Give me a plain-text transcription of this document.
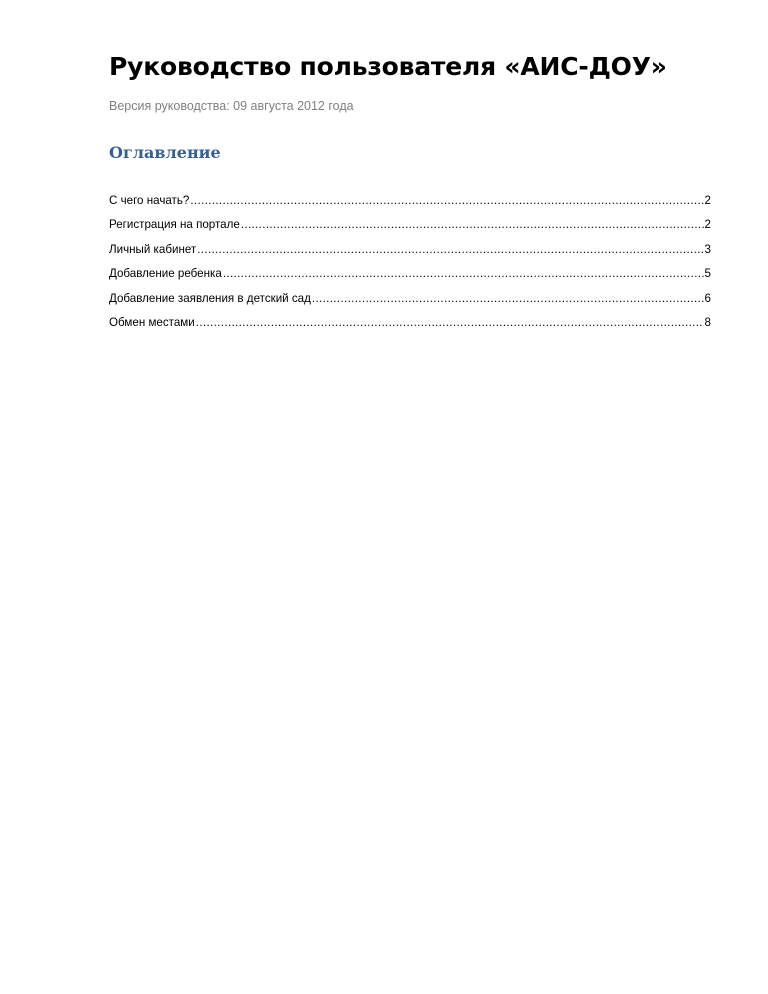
Руководство пользователя «АИС-ДОУ»

Версия руководства: 09 августа 2012 года

Оглавление
С чего начать? .....	2
Регистрация на портале .....	2
Личный кабинет .....	3
Добавление ребенка .....	5
Добавление заявления в детский сад .....	6
Обмен местами .....	8
